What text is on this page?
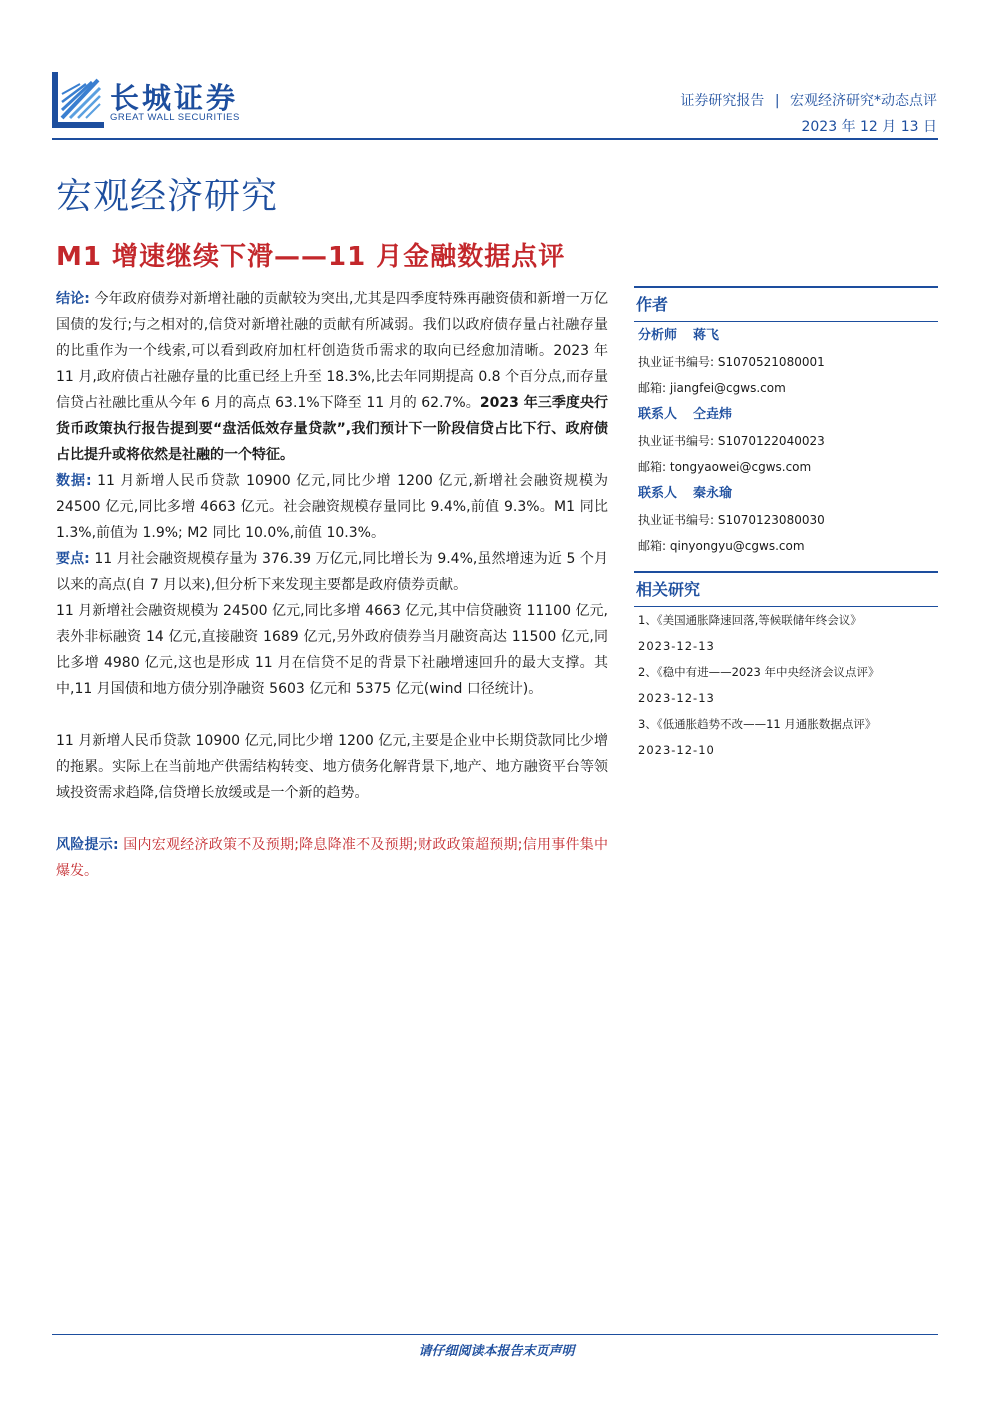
长城证券
GREAT WALL SECURITIES
证券研究报告 | 宏观经济研究*动态点评
2023 年 12 月 13 日
宏观经济研究
M1 增速继续下滑——11 月金融数据点评

结论: 今年政府债券对新增社融的贡献较为突出,尤其是四季度特殊再融资债和新增一万亿国债的发行;与之相对的,信贷对新增社融的贡献有所减弱。我们以政府债存量占社融存量的比重作为一个线索,可以看到政府加杠杆创造货币需求的取向已经愈加清晰。2023 年 11 月,政府债占社融存量的比重已经上升至 18.3%,比去年同期提高 0.8 个百分点,而存量信贷占社融比重从今年 6 月的高点 63.1%下降至 11 月的 62.7%。2023 年三季度央行货币政策执行报告提到要“盘活低效存量贷款”,我们预计下一阶段信贷占比下行、政府债占比提升或将依然是社融的一个特征。

数据: 11 月新增人民币贷款 10900 亿元,同比少增 1200 亿元,新增社会融资规模为 24500 亿元,同比多增 4663 亿元。社会融资规模存量同比 9.4%,前值 9.3%。M1 同比 1.3%,前值为 1.9%; M2 同比 10.0%,前值 10.3%。

要点: 11 月社会融资规模存量为 376.39 万亿元,同比增长为 9.4%,虽然增速为近 5 个月以来的高点(自 7 月以来),但分析下来发现主要都是政府债券贡献。

11 月新增社会融资规模为 24500 亿元,同比多增 4663 亿元,其中信贷融资 11100 亿元,表外非标融资 14 亿元,直接融资 1689 亿元,另外政府债券当月融资高达 11500 亿元,同比多增 4980 亿元,这也是形成 11 月在信贷不足的背景下社融增速回升的最大支撑。其中,11 月国债和地方债分别净融资 5603 亿元和 5375 亿元(wind 口径统计)。

11 月新增人民币贷款 10900 亿元,同比少增 1200 亿元,主要是企业中长期贷款同比少增的拖累。实际上在当前地产供需结构转变、地方债务化解背景下,地产、地方融资平台等领域投资需求趋降,信贷增长放缓或是一个新的趋势。

风险提示: 国内宏观经济政策不及预期;降息降准不及预期;财政政策超预期;信用事件集中爆发。

作者
分析师 蒋飞
执业证书编号: S1070521080001
邮箱: jiangfei@cgws.com
联系人 仝垚炜
执业证书编号: S1070122040023
邮箱: tongyaowei@cgws.com
联系人 秦永瑜
执业证书编号: S1070123080030
邮箱: qinyongyu@cgws.com
相关研究
1、《美国通胀降速回落,等候联储年终会议》
2023-12-13
2、《稳中有进——2023 年中央经济会议点评》
2023-12-13
3、《低通胀趋势不改——11 月通胀数据点评》
2023-12-10
请仔细阅读本报告末页声明
